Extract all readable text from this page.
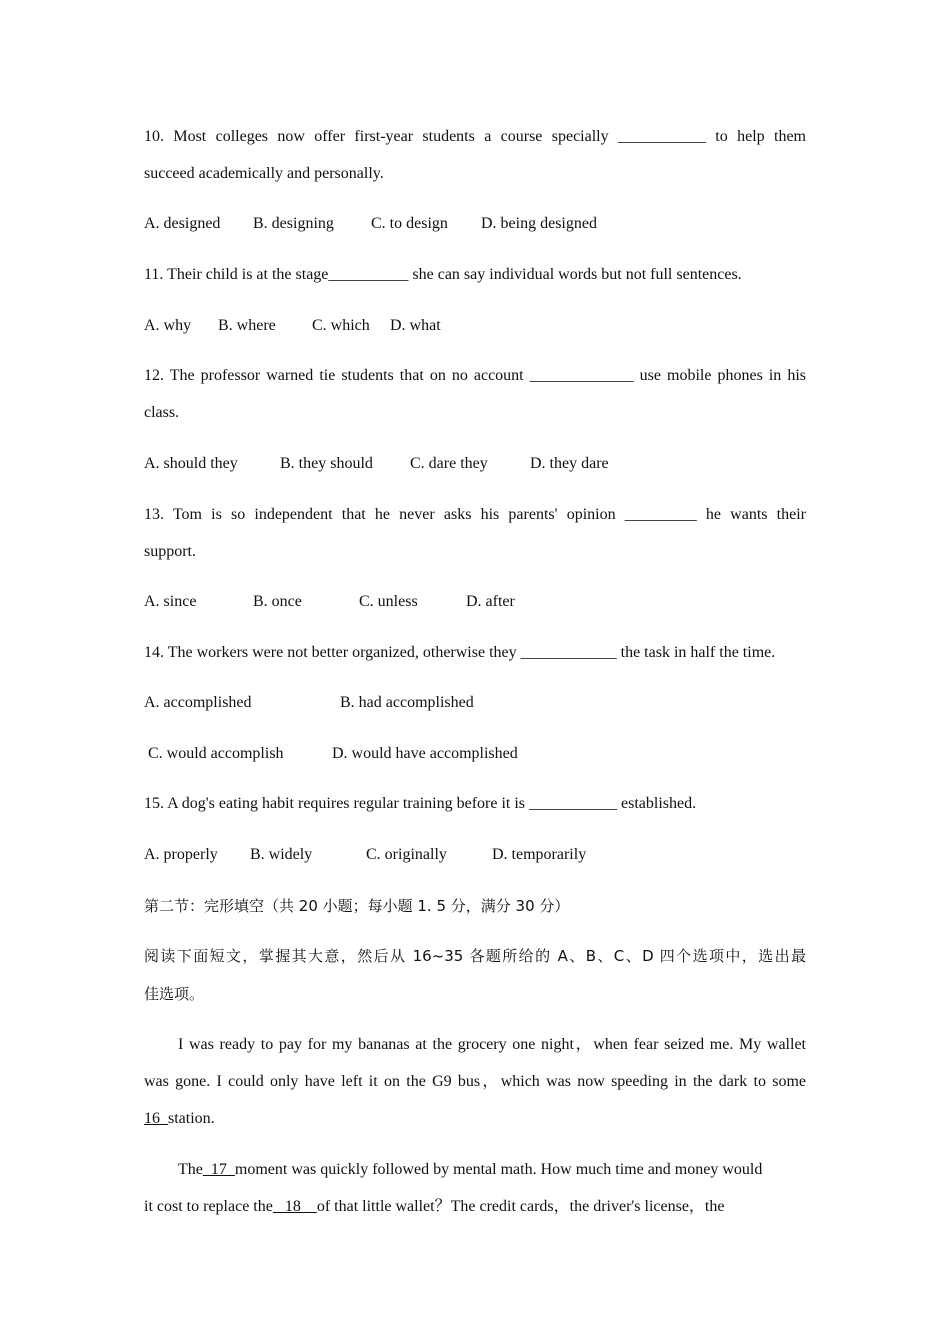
10. Most colleges now offer first-year students a course specially ___________ to help them
succeed academically and personally.
A. designed B. designing C. to design D. being designed
11. Their child is at the stage__________ she can say individual words but not full sentences.
A. why B. where C. which D. what
12. The professor warned tie students that on no account _____________ use mobile phones in his
class.
A. should they	B. they should C. dare they	D. they dare
13. Tom is so independent that he never asks his parents' opinion _________ he wants their
support.
A. since	B. once	C. unless	D. after
14. The workers were not better organized, otherwise they ____________ the task in half the time.
A. accomplished	B. had accomplished
C. would accomplish	D. would have accomplished
15. A dog's eating habit requires regular training before it is ___________ established.
A. properly B. widely	C. originally	D. temporarily
第二节：完形填空（共 20 小题；每小题 1. 5 分，满分 30 分）
阅读下面短文，掌握其大意，然后从 16~35 各题所给的 A、B、C、D 四个选项中，选出最
佳选项。
I was ready to pay for my bananas at the grocery one night，when fear seized me. My wallet
was gone. I could only have left it on the G9 bus，which was now speeding in the dark to some
16  station.
The  17  moment was quickly followed by mental math. How much time and money would
it cost to replace the   18    of that little wallet？The credit cards，the driver's license，the
